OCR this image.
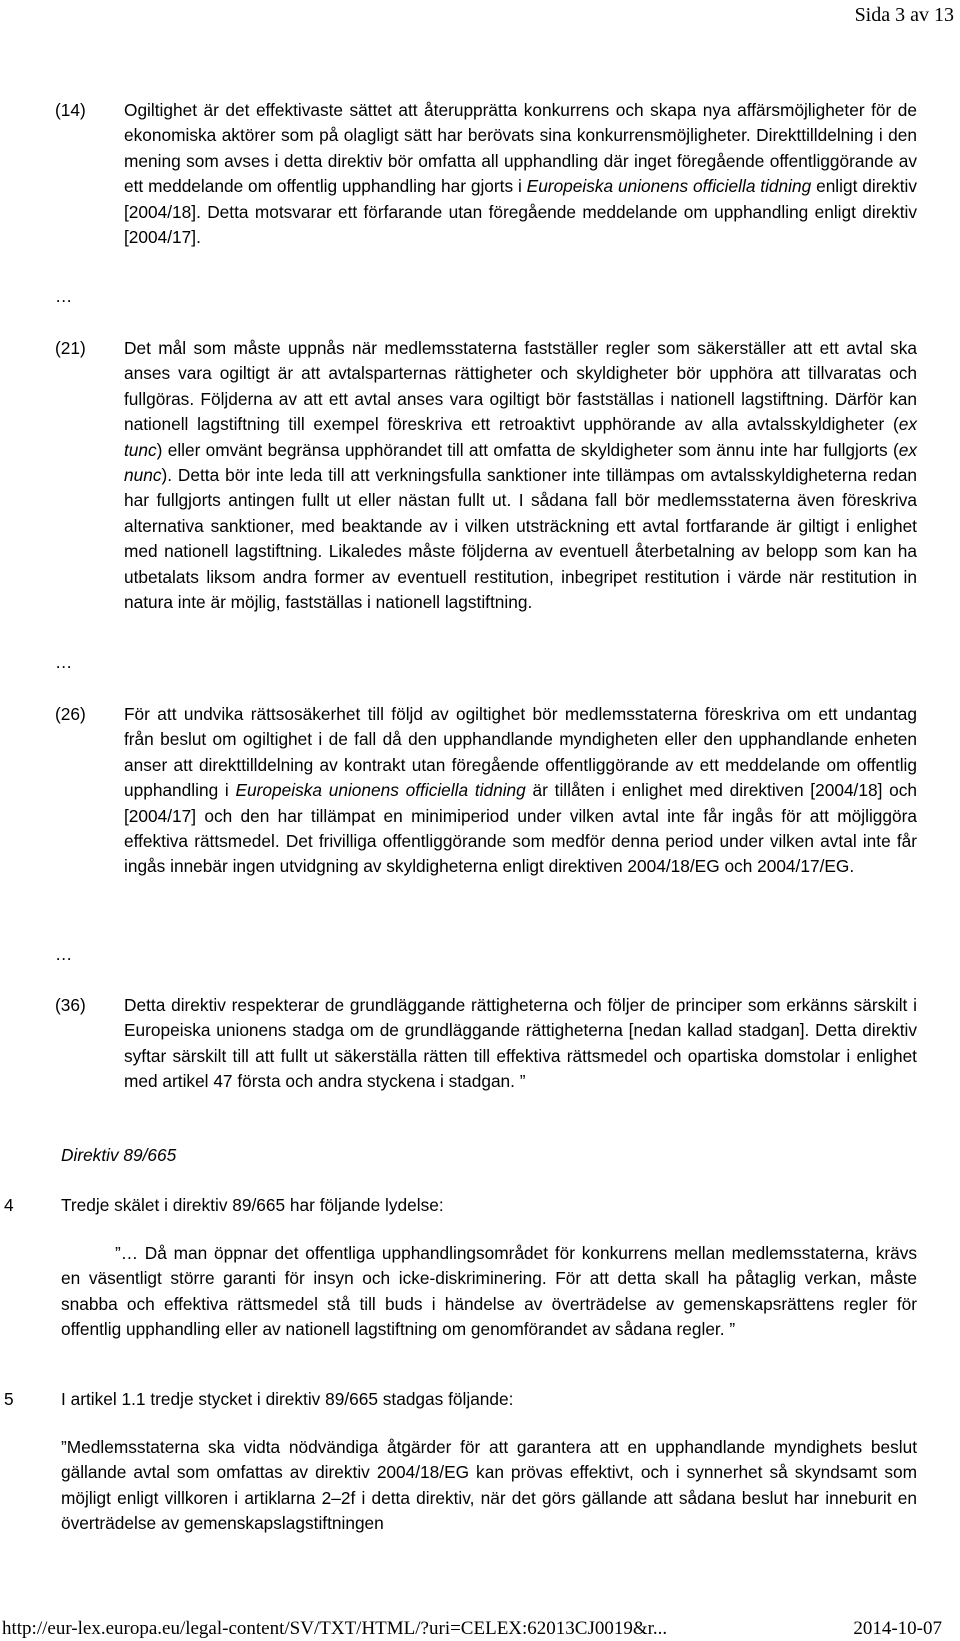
Sida 3 av 13
(14) Ogiltighet är det effektivaste sättet att återupprätta konkurrens och skapa nya affärsmöjligheter för de ekonomiska aktörer som på olagligt sätt har berövats sina konkurrensmöjligheter. Direkttilldelning i den mening som avses i detta direktiv bör omfatta all upphandling där inget föregående offentliggörande av ett meddelande om offentlig upphandling har gjorts i Europeiska unionens officiella tidning enligt direktiv [2004/18]. Detta motsvarar ett förfarande utan föregående meddelande om upphandling enligt direktiv [2004/17].
…
(21) Det mål som måste uppnås när medlemsstaterna fastställer regler som säkerställer att ett avtal ska anses vara ogiltigt är att avtalsparternas rättigheter och skyldigheter bör upphöra att tillvaratas och fullgöras. Följderna av att ett avtal anses vara ogiltigt bör fastställas i nationell lagstiftning. Därför kan nationell lagstiftning till exempel föreskriva ett retroaktivt upphörande av alla avtalsskyldigheter (ex tunc) eller omvänt begränsa upphörandet till att omfatta de skyldigheter som ännu inte har fullgjorts (ex nunc). Detta bör inte leda till att verkningsfulla sanktioner inte tillämpas om avtalsskyldigheterna redan har fullgjorts antingen fullt ut eller nästan fullt ut. I sådana fall bör medlemsstaterna även föreskriva alternativa sanktioner, med beaktande av i vilken utsträckning ett avtal fortfarande är giltigt i enlighet med nationell lagstiftning. Likaledes måste följderna av eventuell återbetalning av belopp som kan ha utbetalats liksom andra former av eventuell restitution, inbegripet restitution i värde när restitution in natura inte är möjlig, fastställas i nationell lagstiftning.
…
(26) För att undvika rättsosäkerhet till följd av ogiltighet bör medlemsstaterna föreskriva om ett undantag från beslut om ogiltighet i de fall då den upphandlande myndigheten eller den upphandlande enheten anser att direkttilldelning av kontrakt utan föregående offentliggörande av ett meddelande om offentlig upphandling i Europeiska unionens officiella tidning är tillåten i enlighet med direktiven [2004/18] och [2004/17] och den har tillämpat en minimiperiod under vilken avtal inte får ingås för att möjliggöra effektiva rättsmedel. Det frivilliga offentliggörande som medför denna period under vilken avtal inte får ingås innebär ingen utvidgning av skyldigheterna enligt direktiven 2004/18/EG och 2004/17/EG.
…
(36) Detta direktiv respekterar de grundläggande rättigheterna och följer de principer som erkänns särskilt i Europeiska unionens stadga om de grundläggande rättigheterna [nedan kallad stadgan]. Detta direktiv syftar särskilt till att fullt ut säkerställa rätten till effektiva rättsmedel och opartiska domstolar i enlighet med artikel 47 första och andra styckena i stadgan. ”
Direktiv 89/665
4	Tredje skälet i direktiv 89/665 har följande lydelse:
”… Då man öppnar det offentliga upphandlingsområdet för konkurrens mellan medlemsstaterna, krävs en väsentligt större garanti för insyn och icke-diskriminering. För att detta skall ha påtaglig verkan, måste snabba och effektiva rättsmedel stå till buds i händelse av överträdelse av gemenskapsrättens regler för offentlig upphandling eller av nationell lagstiftning om genomförandet av sådana regler. ”
5	I artikel 1.1 tredje stycket i direktiv 89/665 stadgas följande:
”Medlemsstaterna ska vidta nödvändiga åtgärder för att garantera att en upphandlande myndighets beslut gällande avtal som omfattas av direktiv 2004/18/EG kan prövas effektivt, och i synnerhet så skyndsamt som möjligt enligt villkoren i artiklarna 2–2f i detta direktiv, när det görs gällande att sådana beslut har inneburit en överträdelse av gemenskapslagstiftningen
http://eur-lex.europa.eu/legal-content/SV/TXT/HTML/?uri=CELEX:62013CJ0019&r...	2014-10-07
